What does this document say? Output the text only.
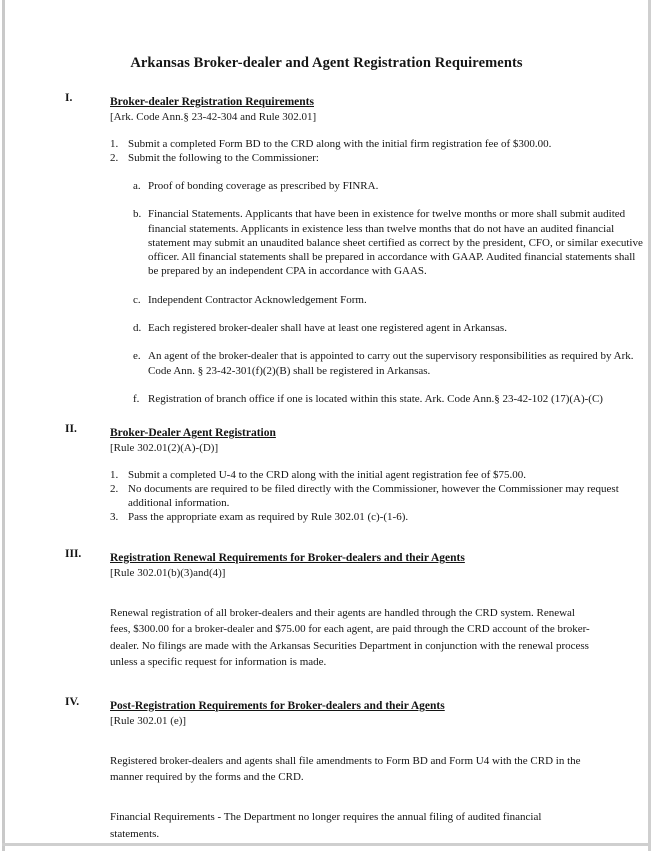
Arkansas Broker-dealer and Agent Registration Requirements
I.	Broker-dealer Registration Requirements
[Ark. Code Ann.§ 23-42-304 and Rule 302.01]
1. Submit a completed Form BD to the CRD along with the initial firm registration fee of $300.00.
2. Submit the following to the Commissioner:
a. Proof of bonding coverage as prescribed by FINRA.
b. Financial Statements. Applicants that have been in existence for twelve months or more shall submit audited financial statements. Applicants in existence less than twelve months that do not have an audited financial statement may submit an unaudited balance sheet certified as correct by the president, CFO, or similar executive officer. All financial statements shall be prepared in accordance with GAAP. Audited financial statements shall be prepared by an independent CPA in accordance with GAAS.
c. Independent Contractor Acknowledgement Form.
d. Each registered broker-dealer shall have at least one registered agent in Arkansas.
e. An agent of the broker-dealer that is appointed to carry out the supervisory responsibilities as required by Ark. Code Ann. § 23-42-301(f)(2)(B) shall be registered in Arkansas.
f. Registration of branch office if one is located within this state. Ark. Code Ann.§ 23-42-102 (17)(A)-(C)
II.	Broker-Dealer Agent Registration
[Rule 302.01(2)(A)-(D)]
1. Submit a completed U-4 to the CRD along with the initial agent registration fee of $75.00.
2. No documents are required to be filed directly with the Commissioner, however the Commissioner may request additional information.
3. Pass the appropriate exam as required by Rule 302.01 (c)-(1-6).
III. Registration Renewal Requirements for Broker-dealers and their Agents
[Rule 302.01(b)(3)and(4)]
Renewal registration of all broker-dealers and their agents are handled through the CRD system. Renewal fees, $300.00 for a broker-dealer and $75.00 for each agent, are paid through the CRD account of the broker-dealer. No filings are made with the Arkansas Securities Department in conjunction with the renewal process unless a specific request for information is made.
IV.	Post-Registration Requirements for Broker-dealers and their Agents
[Rule 302.01 (e)]
Registered broker-dealers and agents shall file amendments to Form BD and Form U4 with the CRD in the manner required by the forms and the CRD.
Financial Requirements - The Department no longer requires the annual filing of audited financial statements.
